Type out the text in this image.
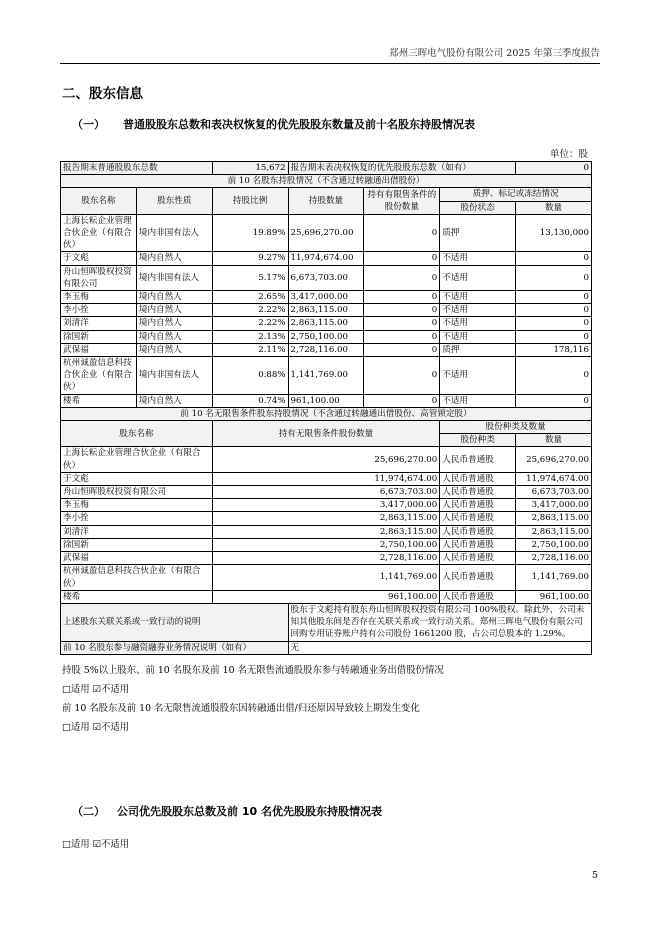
郑州三晖电气股份有限公司 2025 年第三季度报告
二、股东信息
（一） 普通股股东总数和表决权恢复的优先股股东数量及前十名股东持股情况表
单位：股
报告期末普通股股东总数		15,672	报告期末表决权恢复的优先股股东总数（如有）			0
前 10 名股东持股情况（不含通过转融通出借股份）						
股东名称	股东性质	持股比例	持股数量	持有有限售条件的股份数量	质押、标记或冻结情况	
					股份状态	数量
上海长耘企业管理合伙企业（有限合伙）	境内非国有法人	19.89%	25,696,270.00	0	质押	13,130,000
于文彪	境内自然人	9.27%	11,974,674.00	0	不适用	0
舟山恒晖股权投资有限公司	境内非国有法人	5.17%	6,673,703.00	0	不适用	0
李玉梅	境内自然人	2.65%	3,417,000.00	0	不适用	0
李小拴	境内自然人	2.22%	2,863,115.00	0	不适用	0
刘清洋	境内自然人	2.22%	2,863,115.00	0	不适用	0
徐国新	境内自然人	2.13%	2,750,100.00	0	不适用	0
武保福	境内自然人	2.11%	2,728,116.00	0	质押	178,116
杭州诚盈信息科技合伙企业（有限合伙）	境内非国有法人	0.88%	1,141,769.00	0	不适用	0
楼希	境内自然人	0.74%	961,100.00	0	不适用	0
前 10 名无限售条件股东持股情况（不含通过转融通出借股份、高管锁定股）						
股东名称		持有无限售条件股份数量			股份种类及数量	
					股份种类	数量
上海长耘企业管理合伙企业（有限合伙）		25,696,270.00			人民币普通股	25,696,270.00
于文彪		11,974,674.00			人民币普通股	11,974,674.00
舟山恒晖股权投资有限公司		6,673,703.00			人民币普通股	6,673,703.00
李玉梅		3,417,000.00			人民币普通股	3,417,000.00
李小拴		2,863,115.00			人民币普通股	2,863,115.00
刘清洋		2,863,115.00			人民币普通股	2,863,115.00
徐国新		2,750,100.00			人民币普通股	2,750,100.00
武保福		2,728,116.00			人民币普通股	2,728,116.00
杭州诚盈信息科技合伙企业（有限合伙）		1,141,769.00			人民币普通股	1,141,769.00
楼希		961,100.00			人民币普通股	961,100.00
上述股东关联关系或一致行动的说明			股东于文彪持有股东舟山恒晖股权投资有限公司 100%股权。除此外，公司未知其他股东间是否存在关联关系或一致行动关系。郑州三晖电气股份有限公司回购专用证券账户持有公司股份 1661200 股，占公司总股本的 1.29%。			
前 10 名股东参与融资融券业务情况说明（如有）			无			
持股 5%以上股东、前 10 名股东及前 10 名无限售流通股股东参与转融通业务出借股份情况
□适用 ☑不适用
前 10 名股东及前 10 名无限售流通股股东因转融通出借/归还原因导致较上期发生变化
□适用 ☑不适用
（二） 公司优先股股东总数及前 10 名优先股股东持股情况表
□适用 ☑不适用
5
